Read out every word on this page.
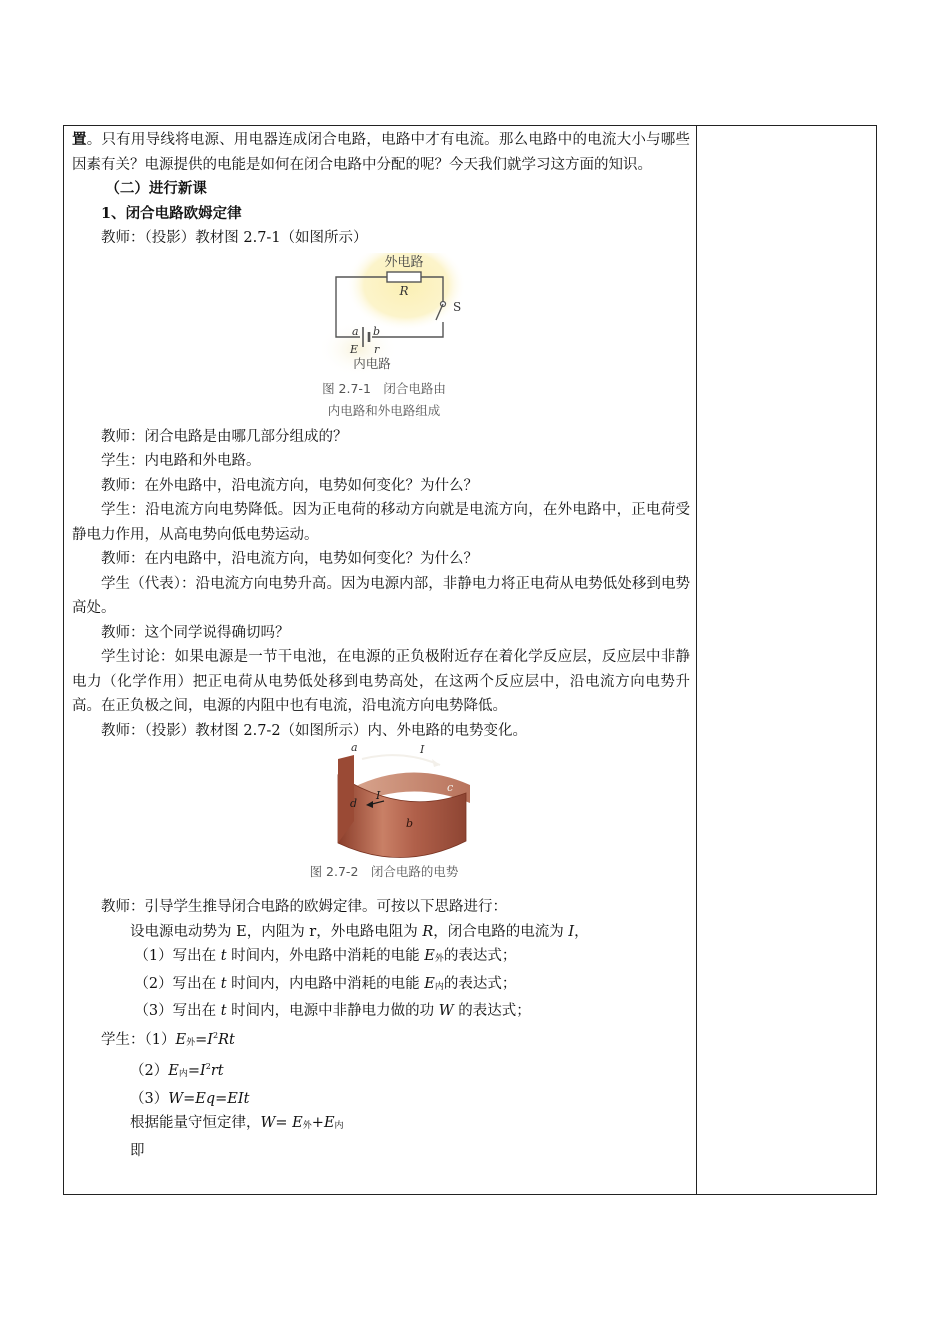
置。只有用导线将电源、用电器连成闭合电路，电路中才有电流。那么电路中的电流大小与哪些因素有关？电源提供的电能是如何在闭合电路中分配的呢？今天我们就学习这方面的知识。

（二）进行新课

1、闭合电路欧姆定律

教师：（投影）教材图 2.7-1（如图所示）

外电路
R
S
a b
E r
内电路
图 2.7-1　闭合电路由
内电路和外电路组成

教师：闭合电路是由哪几部分组成的？

学生：内电路和外电路。

教师：在外电路中，沿电流方向，电势如何变化？为什么？

学生：沿电流方向电势降低。因为正电荷的移动方向就是电流方向，在外电路中，正电荷受静电力作用，从高电势向低电势运动。

教师：在内电路中，沿电流方向，电势如何变化？为什么？

学生（代表）：沿电流方向电势升高。因为电源内部，非静电力将正电荷从电势低处移到电势高处。

教师：这个同学说得确切吗？

学生讨论：如果电源是一节干电池，在电源的正负极附近存在着化学反应层，反应层中非静电力（化学作用）把正电荷从电势低处移到电势高处，在这两个反应层中，沿电流方向电势升高。在正负极之间，电源的内阻中也有电流，沿电流方向电势降低。

教师：（投影）教材图 2.7-2（如图所示）内、外电路的电势变化。

a	I
c
d
I
b
图 2.7-2　闭合电路的电势

教师：引导学生推导闭合电路的欧姆定律。可按以下思路进行：

设电源电动势为 E，内阻为 r，外电路电阻为 R，闭合电路的电流为 I，

（1）写出在 t 时间内，外电路中消耗的电能 $E_外$的表达式；

（2）写出在 t 时间内，内电路中消耗的电能 $E_内$的表达式；

（3）写出在 t 时间内，电源中非静电力做的功 W 的表达式；

学生：$(1)E_外=I^2Rt$

$(2)E_内=I^2rt$

（3）W=Eq=EIt

根据能量守恒定律，$W= E_外+E_内$

即
